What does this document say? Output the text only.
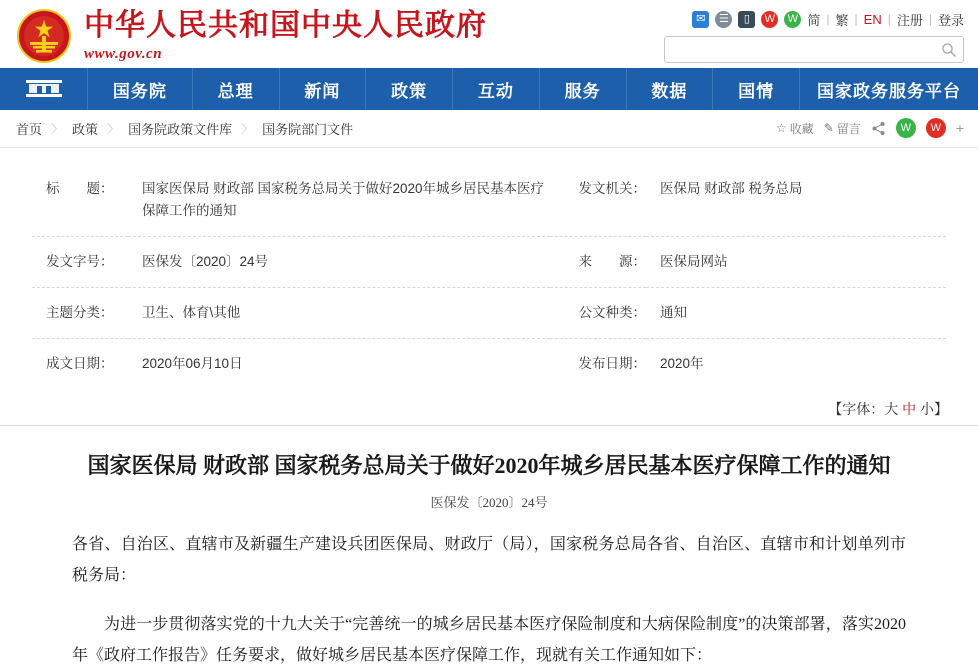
中华人民共和国中央人民政府
www.gov.cn
✉	☰	▯	W	W 简 | 繁 | EN | 注册 | 登录
国务院	总理	新闻	政策	互动	服务	数据	国情	国家政务服务平台
首页 〉 政策 〉 国务院政策文件库 〉 国务院部门文件	☆ 收藏 ✎ 留言	W	W	+
标　　题：	国家医保局 财政部 国家税务总局关于做好2020年城乡居民基本医疗保障工作的通知	发文机关：	医保局 财政部 税务总局
发文字号：	医保发〔2020〕24号	来　　源：	医保局网站
主题分类：	卫生、体育\其他	公文种类：	通知
成文日期：	2020年06月10日	发布日期：	2020年
【字体：大 中 小】
国家医保局 财政部 国家税务总局关于做好2020年城乡居民基本医疗保障工作的通知
医保发〔2020〕24号

各省、自治区、直辖市及新疆生产建设兵团医保局、财政厅（局），国家税务总局各省、自治区、直辖市和计划单列市税务局：

为进一步贯彻落实党的十九大关于“完善统一的城乡居民基本医疗保险制度和大病保险制度”的决策部署，落实2020年《政府工作报告》任务要求，做好城乡居民基本医疗保障工作，现就有关工作通知如下：
